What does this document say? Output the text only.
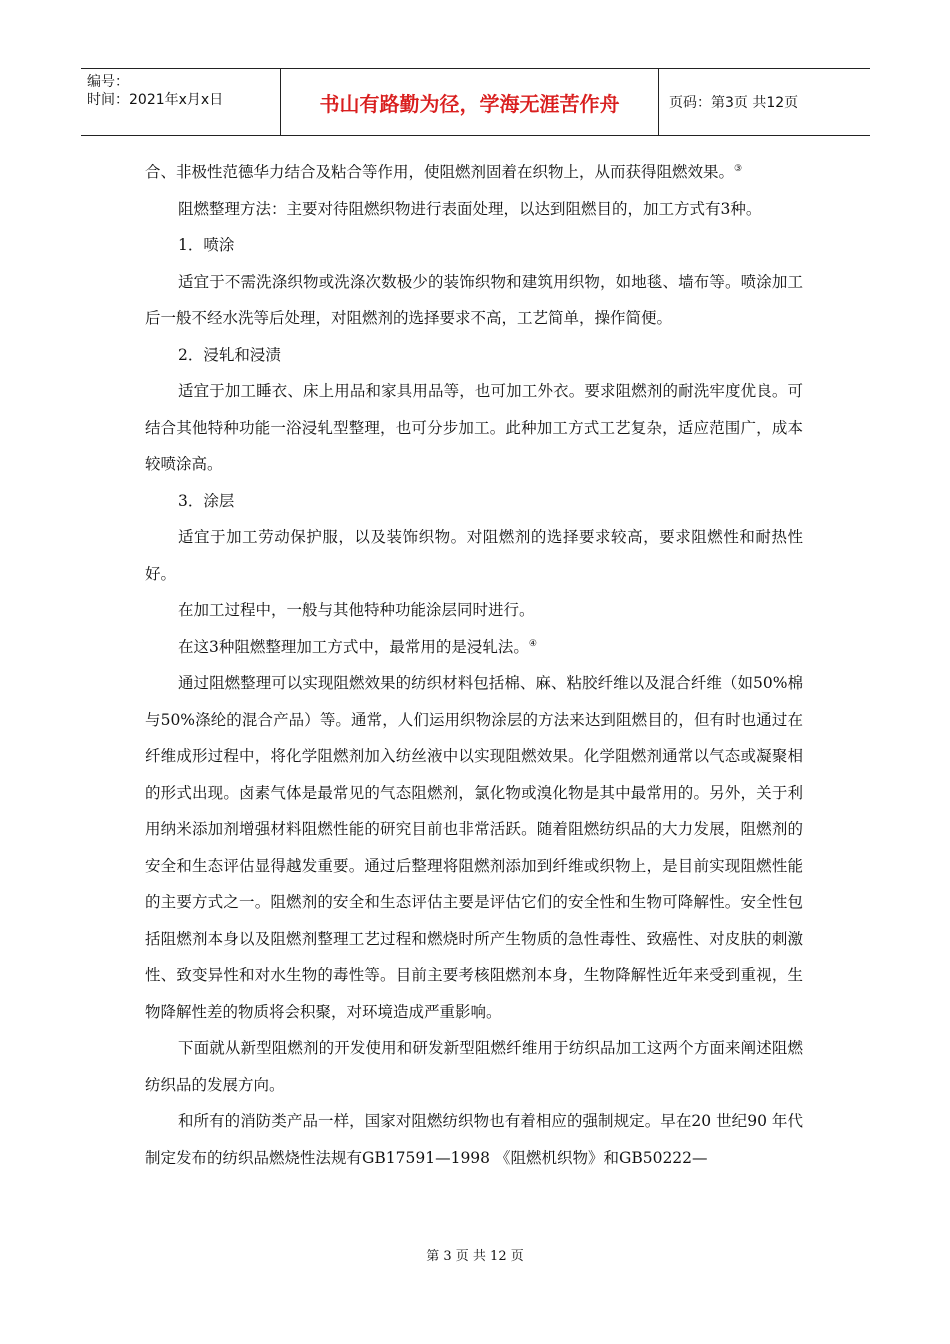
编号：
时间：2021年x月x日	书山有路勤为径，学海无涯苦作舟	页码：第3页 共12页

合、非极性范德华力结合及粘合等作用，使阻燃剂固着在织物上，从而获得阻燃效果。③

阻燃整理方法：主要对待阻燃织物进行表面处理，以达到阻燃目的，加工方式有3种。

1．喷涂

适宜于不需洗涤织物或洗涤次数极少的装饰织物和建筑用织物，如地毯、墙布等。喷涂加工后一般不经水洗等后处理，对阻燃剂的选择要求不高，工艺简单，操作简便。

2．浸轧和浸渍

适宜于加工睡衣、床上用品和家具用品等，也可加工外衣。要求阻燃剂的耐洗牢度优良。可结合其他特种功能一浴浸轧型整理，也可分步加工。此种加工方式工艺复杂，适应范围广，成本较喷涂高。

3．涂层

适宜于加工劳动保护服，以及装饰织物。对阻燃剂的选择要求较高，要求阻燃性和耐热性好。

在加工过程中，一般与其他特种功能涂层同时进行。

在这3种阻燃整理加工方式中，最常用的是浸轧法。④

通过阻燃整理可以实现阻燃效果的纺织材料包括棉、麻、粘胶纤维以及混合纤维（如50%棉与50%涤纶的混合产品）等。通常，人们运用织物涂层的方法来达到阻燃目的，但有时也通过在纤维成形过程中，将化学阻燃剂加入纺丝液中以实现阻燃效果。化学阻燃剂通常以气态或凝聚相的形式出现。卤素气体是最常见的气态阻燃剂，氯化物或溴化物是其中最常用的。另外，关于利用纳米添加剂增强材料阻燃性能的研究目前也非常活跃。随着阻燃纺织品的大力发展，阻燃剂的安全和生态评估显得越发重要。通过后整理将阻燃剂添加到纤维或织物上，是目前实现阻燃性能的主要方式之一。阻燃剂的安全和生态评估主要是评估它们的安全性和生物可降解性。安全性包括阻燃剂本身以及阻燃剂整理工艺过程和燃烧时所产生物质的急性毒性、致癌性、对皮肤的刺激性、致变异性和对水生物的毒性等。目前主要考核阻燃剂本身，生物降解性近年来受到重视，生物降解性差的物质将会积聚，对环境造成严重影响。

下面就从新型阻燃剂的开发使用和研发新型阻燃纤维用于纺织品加工这两个方面来阐述阻燃纺织品的发展方向。

和所有的消防类产品一样，国家对阻燃纺织物也有着相应的强制规定。早在20 世纪90 年代制定发布的纺织品燃烧性法规有GB17591—1998 《阻燃机织物》和GB50222—

第 3 页 共 12 页
